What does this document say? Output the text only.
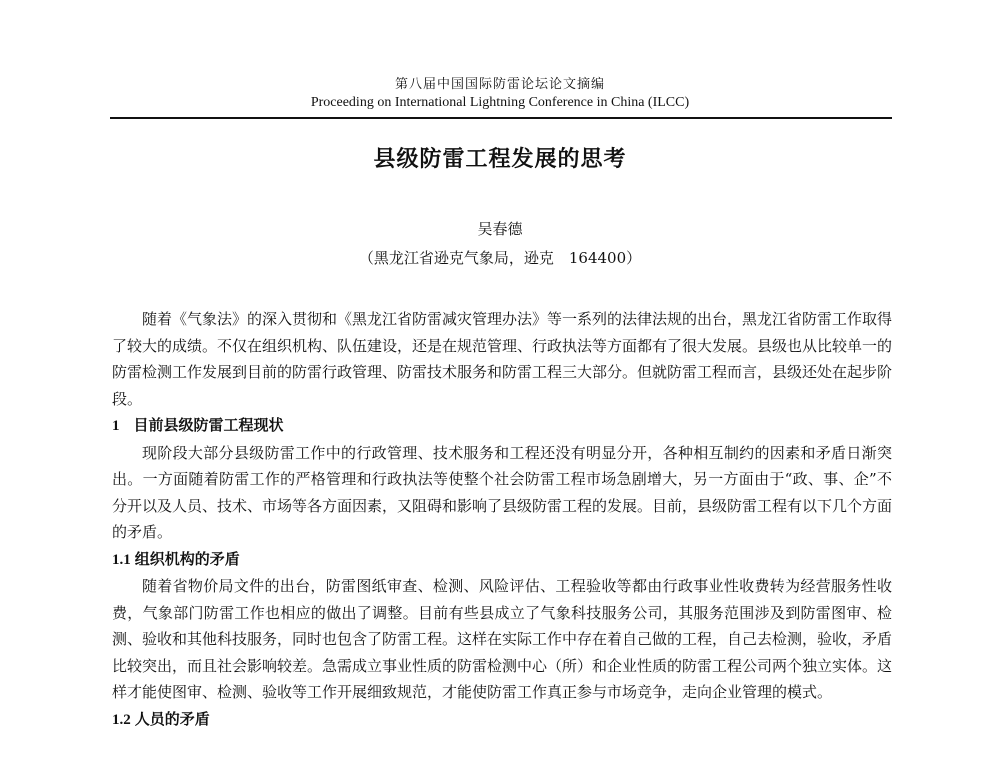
第八届中国国际防雷论坛论文摘编
Proceeding on International Lightning Conference in China (ILCC)
县级防雷工程发展的思考
吴春德
（黑龙江省逊克气象局，逊克　164400）

随着《气象法》的深入贯彻和《黑龙江省防雷减灾管理办法》等一系列的法律法规的出台，黑龙江省防雷工作取得了较大的成绩。不仅在组织机构、队伍建设，还是在规范管理、行政执法等方面都有了很大发展。县级也从比较单一的防雷检测工作发展到目前的防雷行政管理、防雷技术服务和防雷工程三大部分。但就防雷工程而言，县级还处在起步阶段。

1 目前县级防雷工程现状

现阶段大部分县级防雷工作中的行政管理、技术服务和工程还没有明显分开，各种相互制约的因素和矛盾日渐突出。一方面随着防雷工作的严格管理和行政执法等使整个社会防雷工程市场急剧增大，另一方面由于“政、事、企”不分开以及人员、技术、市场等各方面因素，又阻碍和影响了县级防雷工程的发展。目前，县级防雷工程有以下几个方面的矛盾。

1.1 组织机构的矛盾

随着省物价局文件的出台，防雷图纸审查、检测、风险评估、工程验收等都由行政事业性收费转为经营服务性收费，气象部门防雷工作也相应的做出了调整。目前有些县成立了气象科技服务公司，其服务范围涉及到防雷图审、检测、验收和其他科技服务，同时也包含了防雷工程。这样在实际工作中存在着自己做的工程，自己去检测，验收，矛盾比较突出，而且社会影响较差。急需成立事业性质的防雷检测中心（所）和企业性质的防雷工程公司两个独立实体。这样才能使图审、检测、验收等工作开展细致规范，才能使防雷工作真正参与市场竞争，走向企业管理的模式。

1.2 人员的矛盾
